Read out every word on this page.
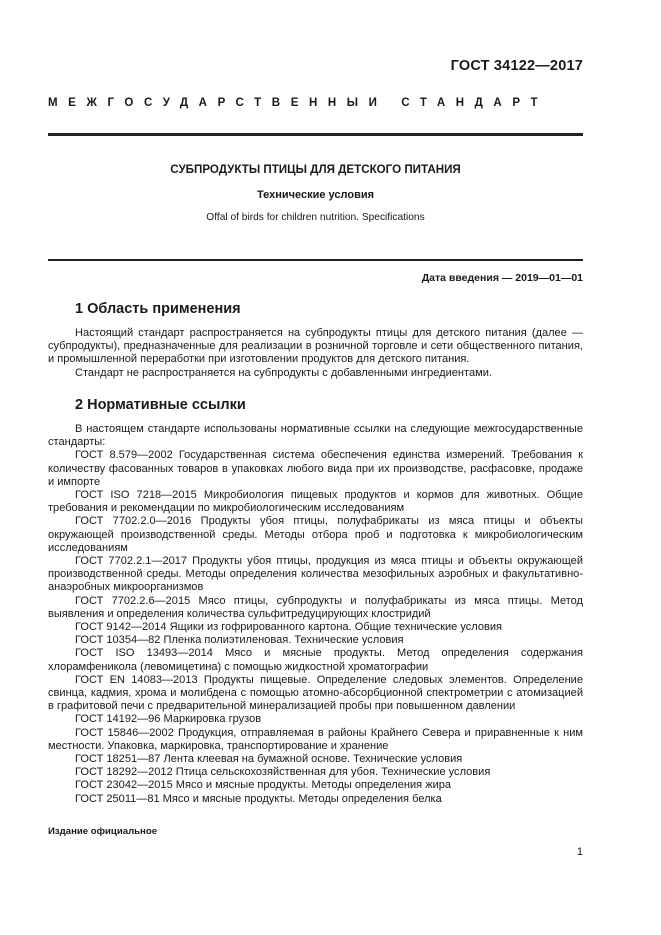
ГОСТ 34122—2017
МЕЖГОСУДАРСТВЕННЫЙ СТАНДАРТ
СУБПРОДУКТЫ ПТИЦЫ ДЛЯ ДЕТСКОГО ПИТАНИЯ
Технические условия
Offal of birds for children nutrition. Specifications
Дата введения — 2019—01—01
1 Область применения

Настоящий стандарт распространяется на субпродукты птицы для детского питания (далее — субпродукты), предназначенные для реализации в розничной торговле и сети общественного питания, и промышленной переработки при изготовлении продуктов для детского питания.

Стандарт не распространяется на субпродукты с добавленными ингредиентами.

2 Нормативные ссылки

В настоящем стандарте использованы нормативные ссылки на следующие межгосударственные стандарты:

ГОСТ 8.579—2002 Государственная система обеспечения единства измерений. Требования к количеству фасованных товаров в упаковках любого вида при их производстве, расфасовке, продаже и импорте

ГОСТ ISO 7218—2015 Микробиология пищевых продуктов и кормов для животных. Общие требования и рекомендации по микробиологическим исследованиям

ГОСТ 7702.2.0—2016 Продукты убоя птицы, полуфабрикаты из мяса птицы и объекты окружающей производственной среды. Методы отбора проб и подготовка к микробиологическим исследованиям

ГОСТ 7702.2.1—2017 Продукты убоя птицы, продукция из мяса птицы и объекты окружающей производственной среды. Методы определения количества мезофильных аэробных и факультативно-анаэробных микроорганизмов

ГОСТ 7702.2.6—2015 Мясо птицы, субпродукты и полуфабрикаты из мяса птицы. Метод выявления и определения количества сульфитредуцирующих клостридий

ГОСТ 9142—2014 Ящики из гофрированного картона. Общие технические условия

ГОСТ 10354—82 Пленка полиэтиленовая. Технические условия

ГОСТ ISO 13493—2014 Мясо и мясные продукты. Метод определения содержания хлорамфеникола (левомицетина) с помощью жидкостной хроматографии

ГОСТ EN 14083—2013 Продукты пищевые. Определение следовых элементов. Определение свинца, кадмия, хрома и молибдена с помощью атомно-абсорбционной спектрометрии с атомизацией в графитовой печи с предварительной минерализацией пробы при повышенном давлении

ГОСТ 14192—96 Маркировка грузов

ГОСТ 15846—2002 Продукция, отправляемая в районы Крайнего Севера и приравненные к ним местности. Упаковка, маркировка, транспортирование и хранение

ГОСТ 18251—87 Лента клеевая на бумажной основе. Технические условия

ГОСТ 18292—2012 Птица сельскохозяйственная для убоя. Технические условия

ГОСТ 23042—2015 Мясо и мясные продукты. Методы определения жира

ГОСТ 25011—81 Мясо и мясные продукты. Методы определения белка

Издание официальное
1
